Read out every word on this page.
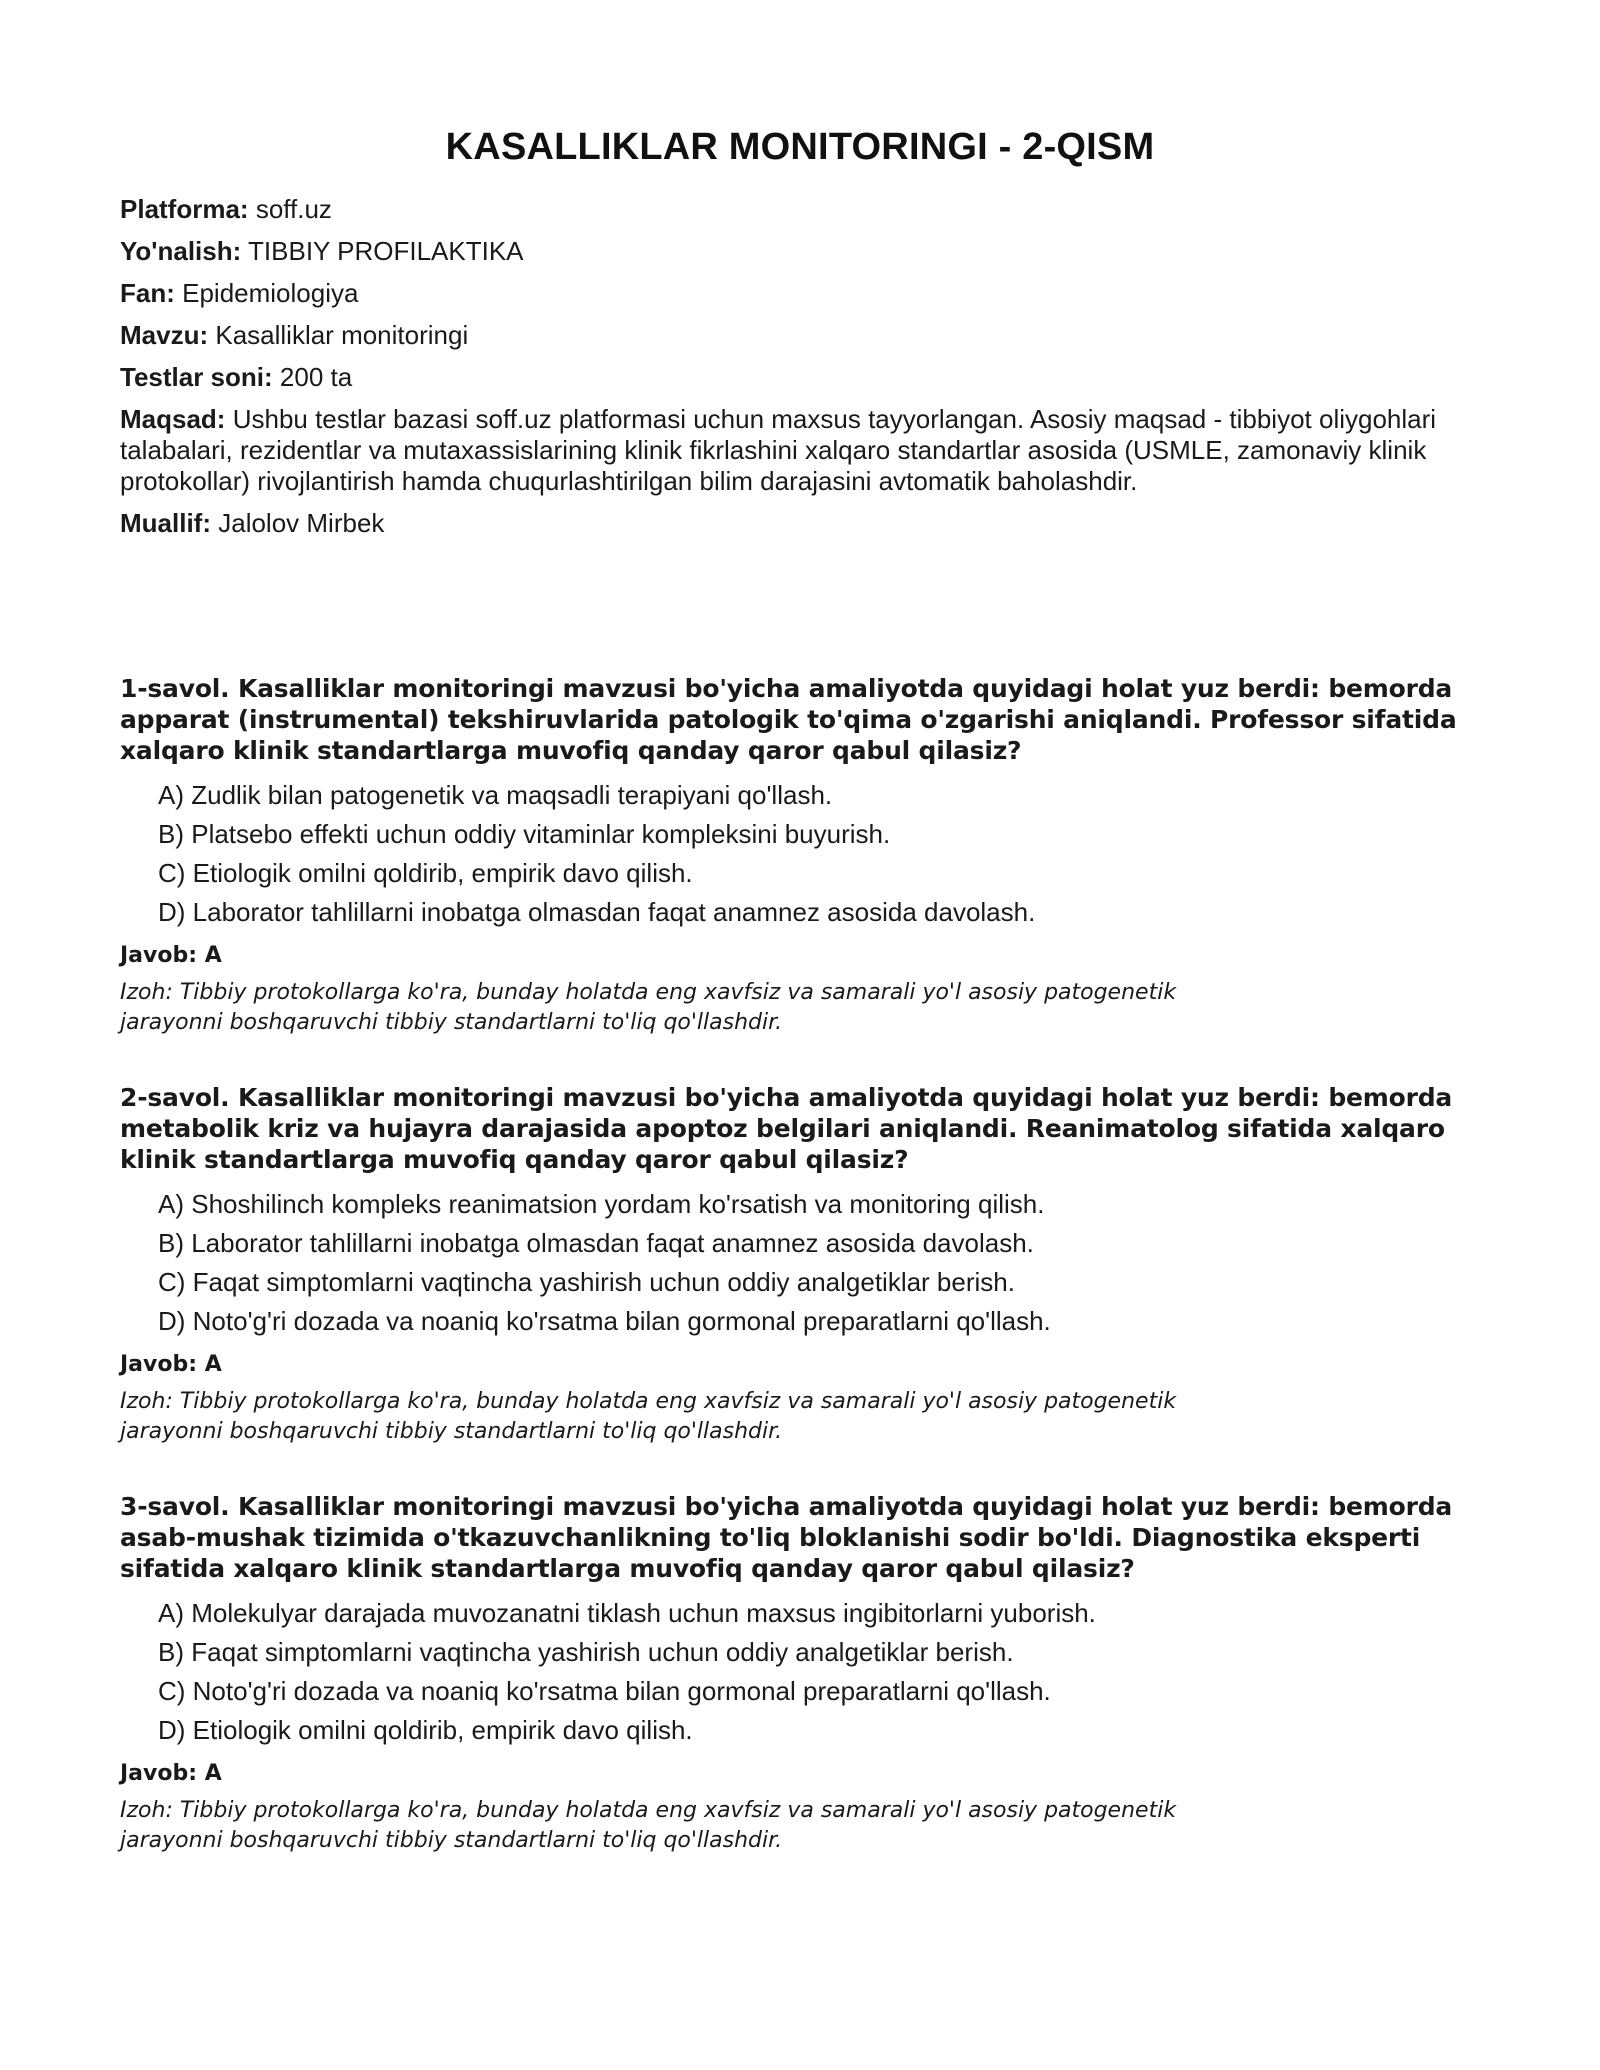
KASALLIKLAR MONITORINGI - 2-QISM
Platforma: soff.uz
Yo'nalish: TIBBIY PROFILAKTIKA
Fan: Epidemiologiya
Mavzu: Kasalliklar monitoringi
Testlar soni: 200 ta
Maqsad: Ushbu testlar bazasi soff.uz platformasi uchun maxsus tayyorlangan. Asosiy maqsad - tibbiyot oliygohlari talabalari, rezidentlar va mutaxassislarining klinik fikrlashini xalqaro standartlar asosida (USMLE, zamonaviy klinik protokollar) rivojlantirish hamda chuqurlashtirilgan bilim darajasini avtomatik baholashdir.
Muallif: Jalolov Mirbek

1-savol. Kasalliklar monitoringi mavzusi bo'yicha amaliyotda quyidagi holat yuz berdi: bemorda apparat (instrumental) tekshiruvlarida patologik to'qima o'zgarishi aniqlandi. Professor sifatida xalqaro klinik standartlarga muvofiq qanday qaror qabul qilasiz?

A) Zudlik bilan patogenetik va maqsadli terapiyani qo'llash.
B) Platsebo effekti uchun oddiy vitaminlar kompleksini buyurish.
C) Etiologik omilni qoldirib, empirik davo qilish.
D) Laborator tahlillarni inobatga olmasdan faqat anamnez asosida davolash.
Javob: A
Izoh: Tibbiy protokollarga ko'ra, bunday holatda eng xavfsiz va samarali yo'l asosiy patogenetik jarayonni boshqaruvchi tibbiy standartlarni to'liq qo'llashdir.

2-savol. Kasalliklar monitoringi mavzusi bo'yicha amaliyotda quyidagi holat yuz berdi: bemorda metabolik kriz va hujayra darajasida apoptoz belgilari aniqlandi. Reanimatolog sifatida xalqaro klinik standartlarga muvofiq qanday qaror qabul qilasiz?

A) Shoshilinch kompleks reanimatsion yordam ko'rsatish va monitoring qilish.
B) Laborator tahlillarni inobatga olmasdan faqat anamnez asosida davolash.
C) Faqat simptomlarni vaqtincha yashirish uchun oddiy analgetiklar berish.
D) Noto'g'ri dozada va noaniq ko'rsatma bilan gormonal preparatlarni qo'llash.
Javob: A
Izoh: Tibbiy protokollarga ko'ra, bunday holatda eng xavfsiz va samarali yo'l asosiy patogenetik jarayonni boshqaruvchi tibbiy standartlarni to'liq qo'llashdir.

3-savol. Kasalliklar monitoringi mavzusi bo'yicha amaliyotda quyidagi holat yuz berdi: bemorda asab-mushak tizimida o'tkazuvchanlikning to'liq bloklanishi sodir bo'ldi. Diagnostika eksperti sifatida xalqaro klinik standartlarga muvofiq qanday qaror qabul qilasiz?

A) Molekulyar darajada muvozanatni tiklash uchun maxsus ingibitorlarni yuborish.
B) Faqat simptomlarni vaqtincha yashirish uchun oddiy analgetiklar berish.
C) Noto'g'ri dozada va noaniq ko'rsatma bilan gormonal preparatlarni qo'llash.
D) Etiologik omilni qoldirib, empirik davo qilish.
Javob: A
Izoh: Tibbiy protokollarga ko'ra, bunday holatda eng xavfsiz va samarali yo'l asosiy patogenetik jarayonni boshqaruvchi tibbiy standartlarni to'liq qo'llashdir.
